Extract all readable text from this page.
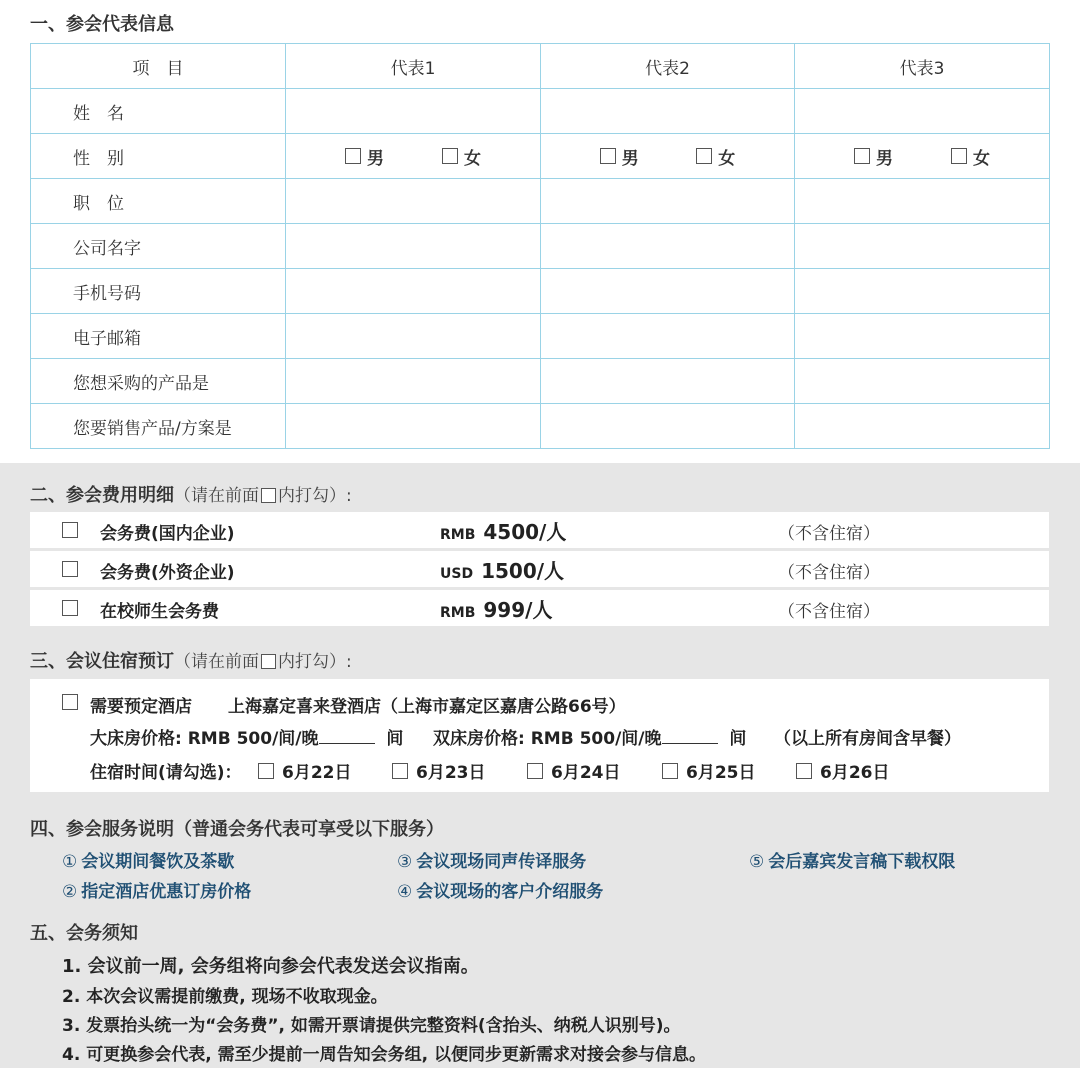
一、参会代表信息
项　目	代表1	代表2	代表3
姓　名			
性　别	男 女	男 女	男 女

职　位			
公司名字			
手机号码			
电子邮箱			
您想采购的产品是			
您要销售产品/方案是			
二、参会费用明细（请在前面 内打勾）:
会务费(国内企业)	RMB 4500/人	（不含住宿）
会务费(外资企业)	USD 1500/人	（不含住宿）
在校师生会务费	RMB 999/人	（不含住宿）
三、会议住宿预订（请在前面 内打勾）:
需要预定酒店 上海嘉定喜来登酒店（上海市嘉定区嘉唐公路66号）
大床房价格: RMB 500/间/晚	间 双床房价格: RMB 500/间/晚	间 （以上所有房间含早餐）
住宿时间(请勾选)： 6月22日	6月23日	6月24日	6月25日	6月26日
四、参会服务说明（普通会务代表可享受以下服务）
① 会议期间餐饮及茶歇
② 指定酒店优惠订房价格
③ 会议现场同声传译服务
④ 会议现场的客户介绍服务
⑤ 会后嘉宾发言稿下载权限
五、会务须知
1. 会议前一周, 会务组将向参会代表发送会议指南。
2. 本次会议需提前缴费, 现场不收取现金。
3. 发票抬头统一为“会务费”, 如需开票请提供完整资料(含抬头、纳税人识别号)。
4. 可更换参会代表, 需至少提前一周告知会务组, 以便同步更新需求对接会参与信息。
